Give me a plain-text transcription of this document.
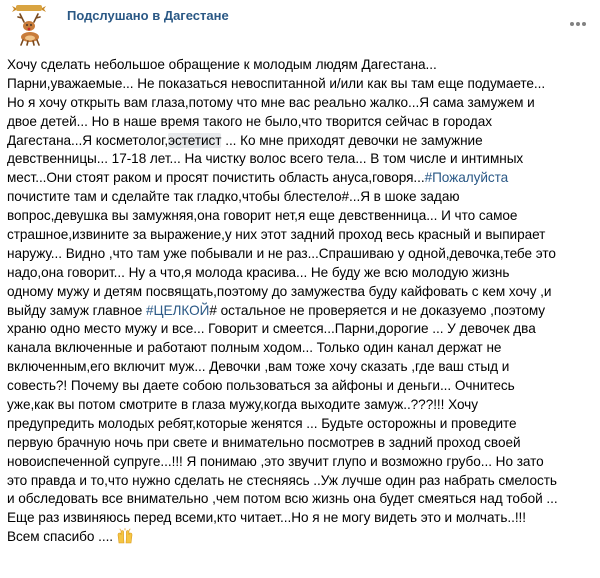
Подслушано в Дагестане
Хочу сделать небольшое обращение к молодым людям Дагестана...
Парни,уважаемые... Не показаться невоспитанной и/или как вы там еще подумаете...
Но я хочу открыть вам глаза,потому что мне вас реально жалко...Я сама замужем и
двое детей... Но в наше время такого не было,что творится сейчас в городах
Дагестана...Я косметолог,эстетист ... Ко мне приходят девочки не замужние
девственницы... 17-18 лет... На чистку волос всего тела... В том числе и интимных
мест...Они стоят раком и просят почистить область ануса,говоря...#Пожалуйста
почистите там и сделайте так гладко,чтобы блестело#...Я в шоке задаю
вопрос,девушка вы замужняя,она говорит нет,я еще девственница... И что самое
страшное,извините за выражение,у них этот задний проход весь красный и выпирает
наружу... Видно ,что там уже побывали и не раз...Спрашиваю у одной,девочка,тебе это
надо,она говорит... Ну а что,я молода красива... Не буду же всю молодую жизнь
одному мужу и детям посвящать,поэтому до замужества буду кайфовать с кем хочу ,и
выйду замуж главное #ЦЕЛКОЙ# остальное не проверяется и не доказуемо ,поэтому
храню одно место мужу и все... Говорит и смеется...Парни,дорогие ... У девочек два
канала включенные и работают полным ходом... Только один канал держат не
включенным,его включит муж... Девочки ,вам тоже хочу сказать ,где ваш стыд и
совесть?! Почему вы даете собою пользоваться за айфоны и деньги... Очнитесь
уже,как вы потом смотрите в глаза мужу,когда выходите замуж..???!!! Хочу
предупредить молодых ребят,которые женятся ... Будьте осторожны и проведите
первую брачную ночь при свете и внимательно посмотрев в задний проход своей
новоиспеченной супруге...!!! Я понимаю ,это звучит глупо и возможно грубо... Но зато
это правда и то,что нужно сделать не стесняясь ..Уж лучше один раз набрать смелость
и обследовать все внимательно ,чем потом всю жизнь она будет смеяться над тобой ...
Еще раз извиняюсь перед всеми,кто читает...Но я не могу видеть это и молчать..!!!
Всем спасибо ....
